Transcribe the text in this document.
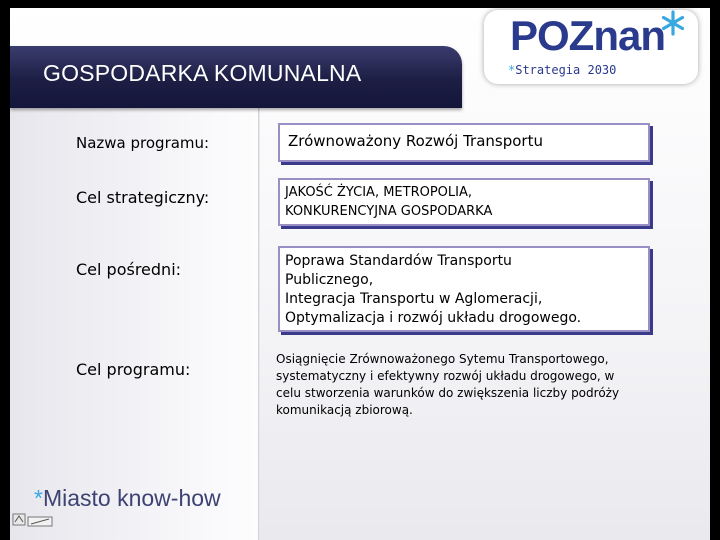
GOSPODARKA KOMUNALNA
POZnan
*Strategia 2030
Nazwa programu:	Zrównoważony Rozwój Transportu
Cel strategiczny:	JAKOŚĆ ŻYCIA, METROPOLIA,
KONKURENCYJNA GOSPODARKA
Cel pośredni:	Poprawa Standardów Transportu
Publicznego,
Integracja Transportu w Aglomeracji,
Optymalizacja i rozwój układu drogowego.
Cel programu:
Osiągnięcie Zrównoważonego Sytemu Transportowego,
systematyczny i efektywny rozwój układu drogowego, w
celu stworzenia warunków do zwiększenia liczby podróży
komunikacją zbiorową.
*Miasto know-how
